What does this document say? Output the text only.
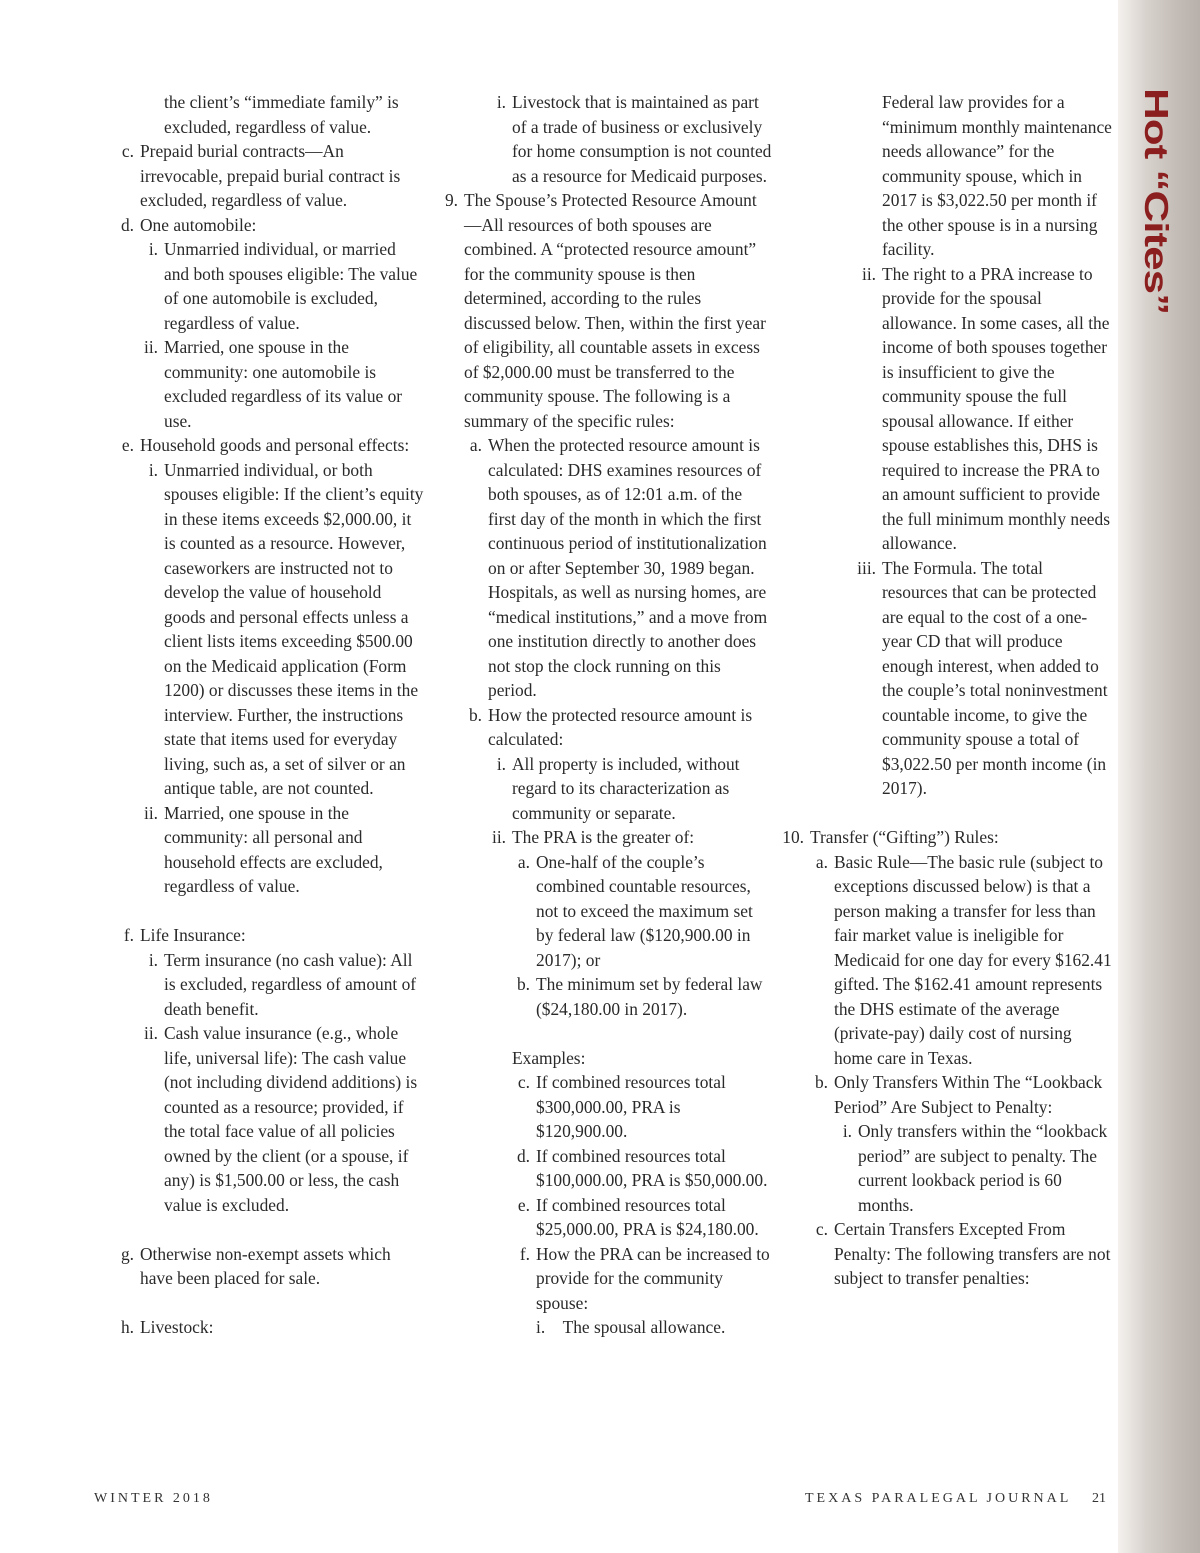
Hot “Cites”
the client’s “immediate family” is excluded, regardless of value.
c. Prepaid burial contracts—An irrevocable, prepaid burial contract is excluded, regardless of value.
d. One automobile:
i. Unmarried individual, or married and both spouses eligible: The value of one automobile is excluded, regardless of value.
ii. Married, one spouse in the community: one automobile is excluded regardless of its value or use.
e. Household goods and personal effects:
i. Unmarried individual, or both spouses eligible: If the client’s equity in these items exceeds $2,000.00, it is counted as a resource. However, caseworkers are instructed not to develop the value of household goods and personal effects unless a client lists items exceeding $500.00 on the Medicaid application (Form 1200) or discusses these items in the interview. Further, the instructions state that items used for everyday living, such as, a set of silver or an antique table, are not counted.
ii. Married, one spouse in the community: all personal and household effects are excluded, regardless of value.
f. Life Insurance:
i. Term insurance (no cash value): All is excluded, regardless of amount of death benefit.
ii. Cash value insurance (e.g., whole life, universal life): The cash value (not including dividend additions) is counted as a resource; provided, if the total face value of all policies owned by the client (or a spouse, if any) is $1,500.00 or less, the cash value is excluded.
g. Otherwise non-exempt assets which have been placed for sale.
h. Livestock:
i. Livestock that is maintained as part of a trade of business or exclusively for home consumption is not counted as a resource for Medicaid purposes.
9. The Spouse’s Protected Resource Amount—All resources of both spouses are combined. A “protected resource amount” for the community spouse is then determined, according to the rules discussed below. Then, within the first year of eligibility, all countable assets in excess of $2,000.00 must be transferred to the community spouse. The following is a summary of the specific rules:
a. When the protected resource amount is calculated: DHS examines resources of both spouses, as of 12:01 a.m. of the first day of the month in which the first continuous period of institutionalization on or after September 30, 1989 began. Hospitals, as well as nursing homes, are “medical institutions,” and a move from one institution directly to another does not stop the clock running on this period.
b. How the protected resource amount is calculated:
i. All property is included, without regard to its characterization as community or separate.
ii. The PRA is the greater of:
a. One-half of the couple’s combined countable resources, not to exceed the maximum set by federal law ($120,900.00 in 2017); or
b. The minimum set by federal law ($24,180.00 in 2017).
Examples:
c. If combined resources total $300,000.00, PRA is $120,900.00.
d. If combined resources total $100,000.00, PRA is $50,000.00.
e. If combined resources total $25,000.00, PRA is $24,180.00.
f. How the PRA can be increased to provide for the community spouse:
i. The spousal allowance.
Federal law provides for a “minimum monthly maintenance needs allowance” for the community spouse, which in 2017 is $3,022.50 per month if the other spouse is in a nursing facility.
ii. The right to a PRA increase to provide for the spousal allowance. In some cases, all the income of both spouses together is insufficient to give the community spouse the full spousal allowance. If either spouse establishes this, DHS is required to increase the PRA to an amount sufficient to provide the full minimum monthly needs allowance.
iii. The Formula. The total resources that can be protected are equal to the cost of a one-year CD that will produce enough interest, when added to the couple’s total noninvestment countable income, to give the community spouse a total of $3,022.50 per month income (in 2017).
10. Transfer (“Gifting”) Rules:
a. Basic Rule—The basic rule (subject to exceptions discussed below) is that a person making a transfer for less than fair market value is ineligible for Medicaid for one day for every $162.41 gifted. The $162.41 amount represents the DHS estimate of the average (private-pay) daily cost of nursing home care in Texas.
b. Only Transfers Within The “Lookback Period” Are Subject to Penalty:
i. Only transfers within the “lookback period” are subject to penalty. The current lookback period is 60 months.
c. Certain Transfers Excepted From Penalty: The following transfers are not subject to transfer penalties:
WINTER 2018	TEXAS PARALEGAL JOURNAL 21
